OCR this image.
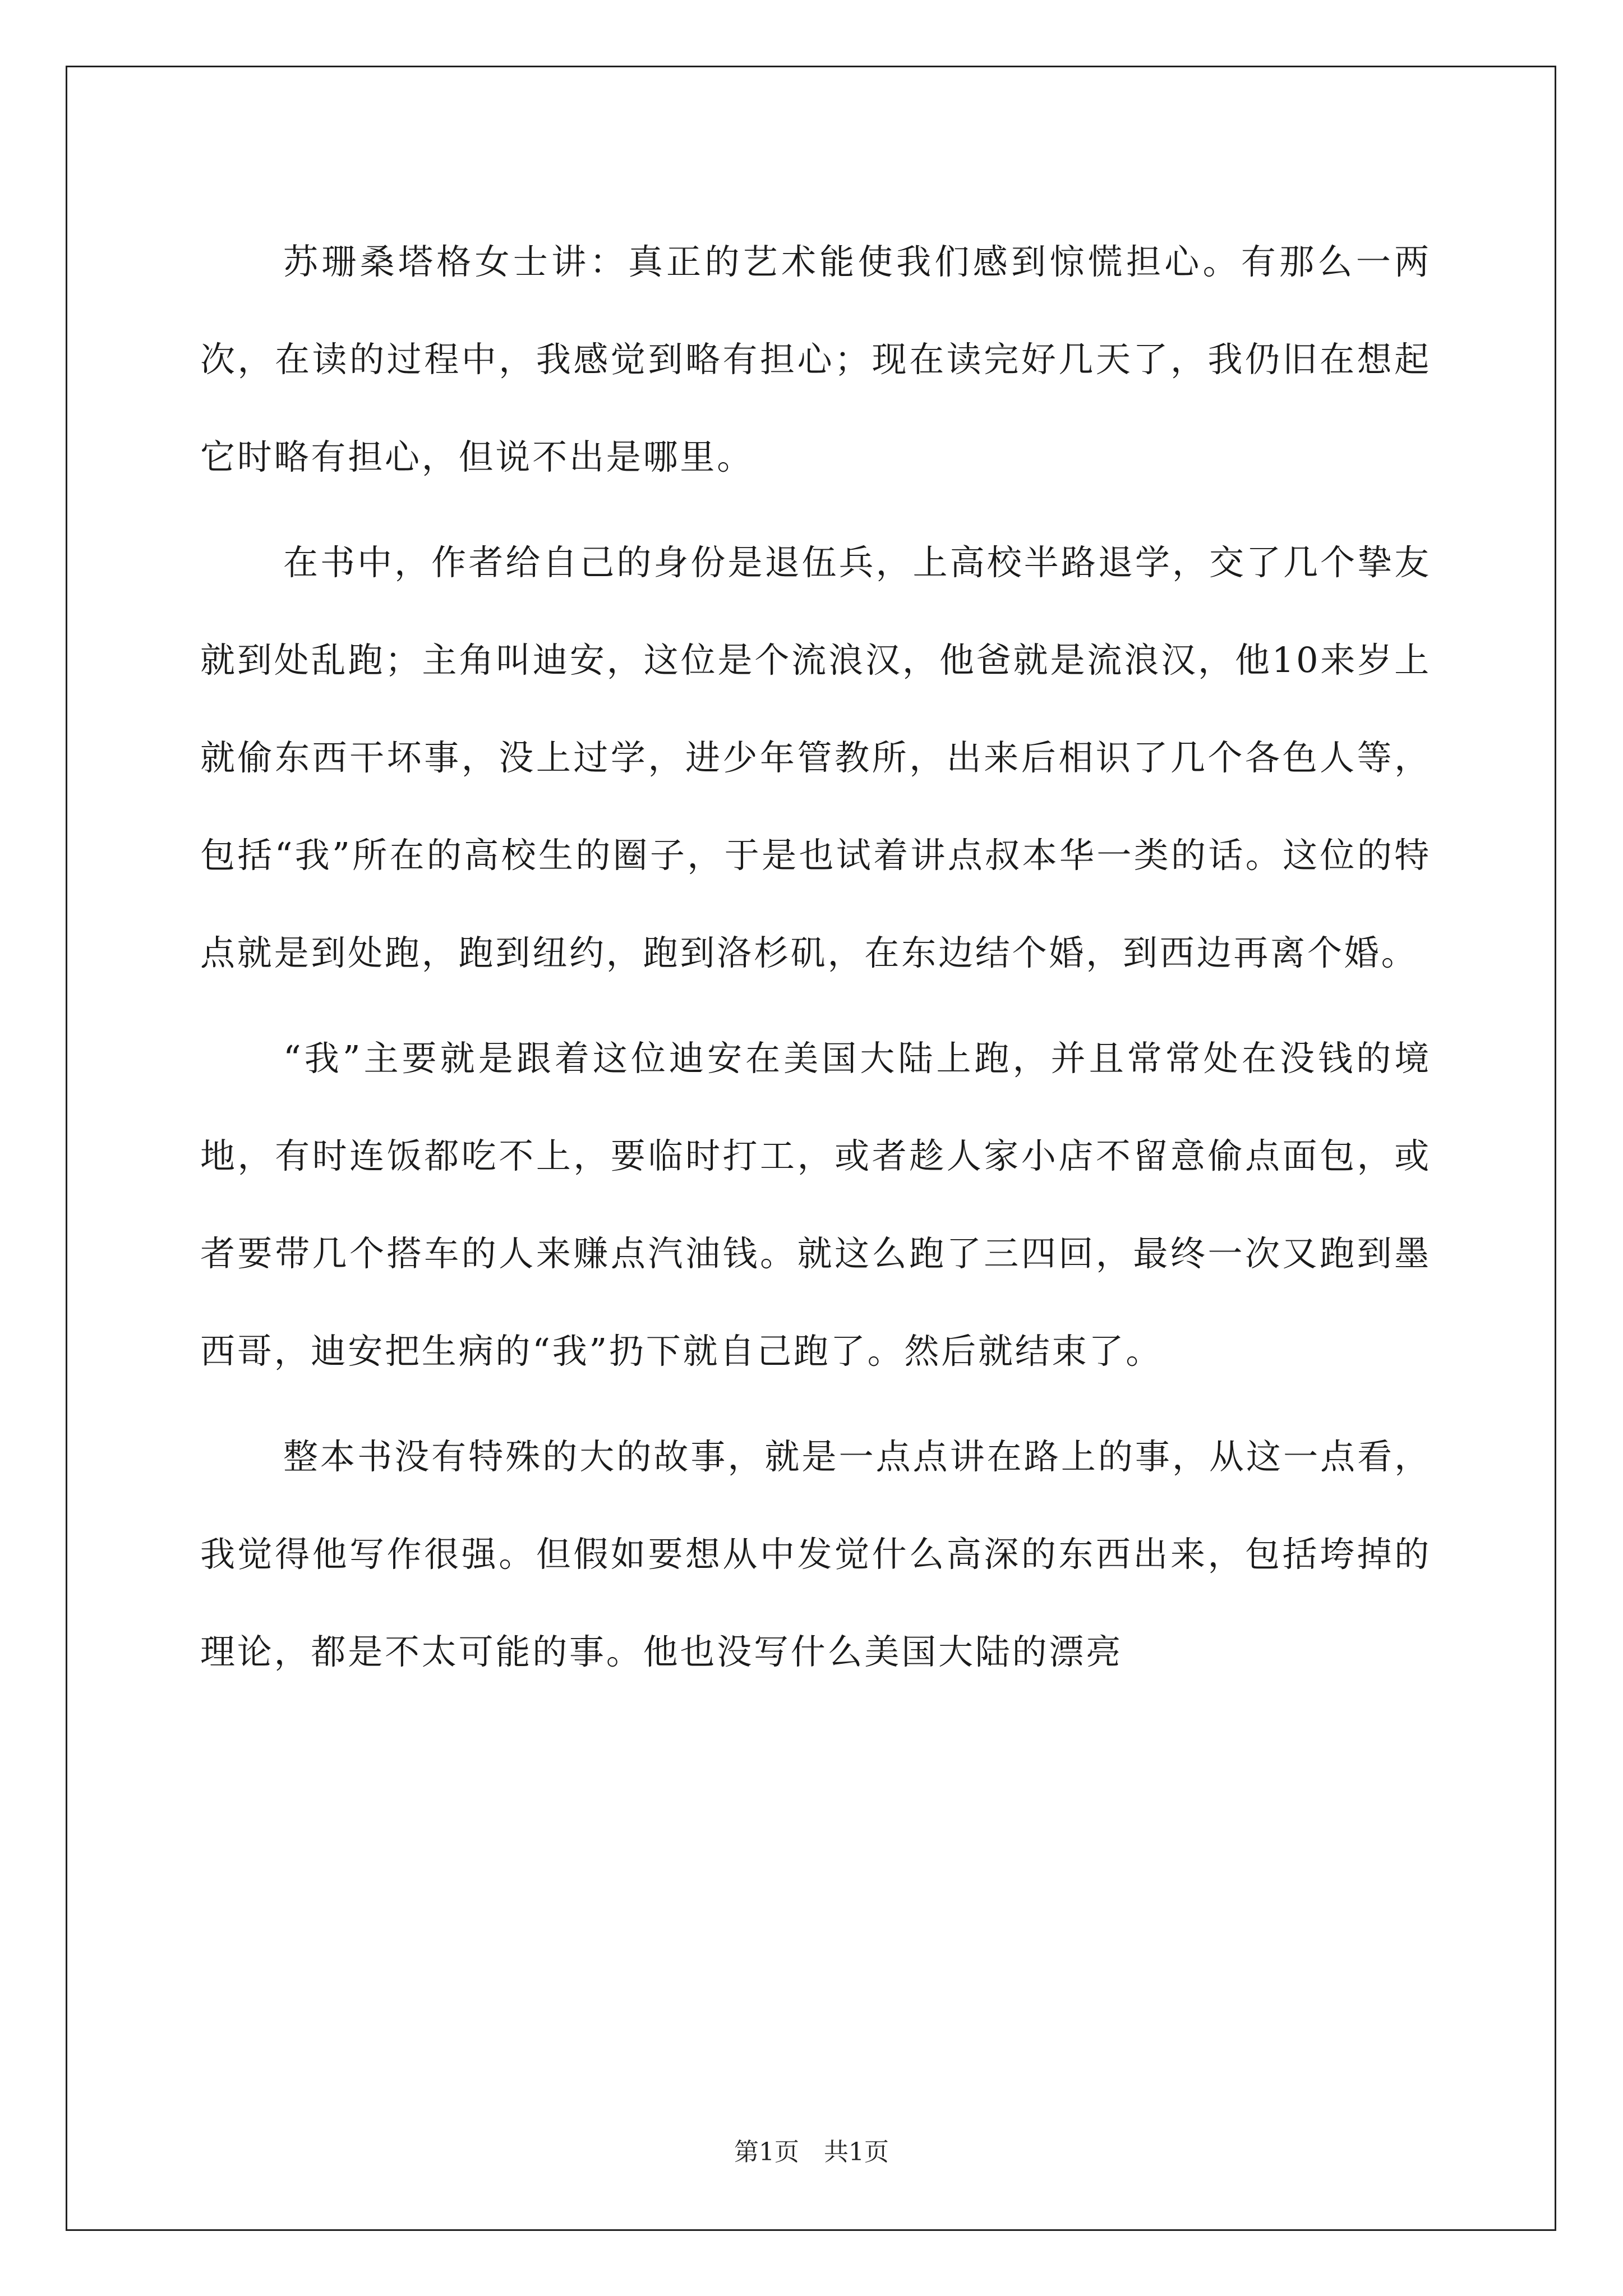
苏珊桑塔格女士讲：真正的艺术能使我们感到惊慌担心。有那么一两次，在读的过程中，我感觉到略有担心；现在读完好几天了，我仍旧在想起它时略有担心，但说不出是哪里。

在书中，作者给自己的身份是退伍兵，上高校半路退学，交了几个挚友就到处乱跑；主角叫迪安，这位是个流浪汉，他爸就是流浪汉，他10来岁上就偷东西干坏事，没上过学，进少年管教所，出来后相识了几个各色人等，包括“我”所在的高校生的圈子，于是也试着讲点叔本华一类的话。这位的特点就是到处跑，跑到纽约，跑到洛杉矶，在东边结个婚，到西边再离个婚。

“我”主要就是跟着这位迪安在美国大陆上跑，并且常常处在没钱的境地，有时连饭都吃不上，要临时打工，或者趁人家小店不留意偷点面包，或者要带几个搭车的人来赚点汽油钱。就这么跑了三四回，最终一次又跑到墨西哥，迪安把生病的“我”扔下就自己跑了。然后就结束了。

整本书没有特殊的大的故事，就是一点点讲在路上的事，从这一点看，我觉得他写作很强。但假如要想从中发觉什么高深的东西出来，包括垮掉的理论，都是不太可能的事。他也没写什么美国大陆的漂亮

第1页 共1页
